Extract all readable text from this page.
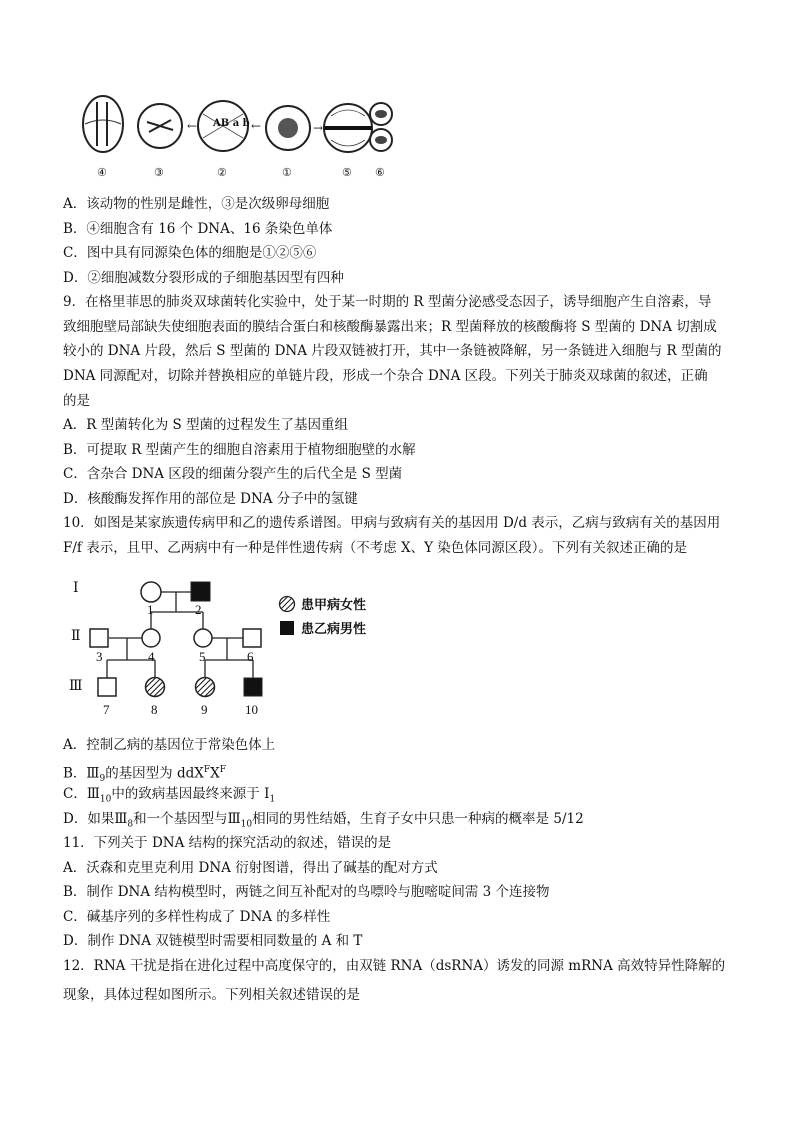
← AB a b ←	→
④	③	②	①	⑤ ⑥
A．该动物的性别是雌性，③是次级卵母细胞
B．④细胞含有 16 个 DNA、16 条染色单体
C．图中具有同源染色体的细胞是①②⑤⑥
D．②细胞减数分裂形成的子细胞基因型有四种
9．在格里菲思的肺炎双球菌转化实验中，处于某一时期的 R 型菌分泌感受态因子，诱导细胞产生自溶素，导
致细胞壁局部缺失使细胞表面的膜结合蛋白和核酸酶暴露出来；R 型菌释放的核酸酶将 S 型菌的 DNA 切割成
较小的 DNA 片段，然后 S 型菌的 DNA 片段双链被打开，其中一条链被降解，另一条链进入细胞与 R 型菌的
DNA 同源配对，切除并替换相应的单链片段，形成一个杂合 DNA 区段。下列关于肺炎双球菌的叙述，正确
的是
A．R 型菌转化为 S 型菌的过程发生了基因重组
B．可提取 R 型菌产生的细胞自溶素用于植物细胞壁的水解
C．含杂合 DNA 区段的细菌分裂产生的后代全是 S 型菌
D．核酸酶发挥作用的部位是 DNA 分子中的氢键
10．如图是某家族遗传病甲和乙的遗传系谱图。甲病与致病有关的基因用 D/d 表示，乙病与致病有关的基因用
F/f 表示，且甲、乙两病中有一种是伴性遗传病（不考虑 X、Y 染色体同源区段）。下列有关叙述正确的是
Ⅰ
Ⅱ
Ⅲ
1	2
3	4	5	6
7	8	9	10
患甲病女性
患乙病男性
A．控制乙病的基因位于常染色体上
B．$Ⅲ_9$的基因型为 $ddX^FX^F$
C．$Ⅲ_{10}$中的致病基因最终来源于 $Ⅰ_1$
D．如果$Ⅲ_8$和一个基因型与$Ⅲ_{10}$相同的男性结婚，生育子女中只患一种病的概率是 5/12
11．下列关于 DNA 结构的探究活动的叙述，错误的是
A．沃森和克里克利用 DNA 衍射图谱，得出了碱基的配对方式
B．制作 DNA 结构模型时，两链之间互补配对的鸟嘌呤与胞嘧啶间需 3 个连接物
C．碱基序列的多样性构成了 DNA 的多样性
D．制作 DNA 双链模型时需要相同数量的 A 和 T
12．RNA 干扰是指在进化过程中高度保守的，由双链 RNA（dsRNA）诱发的同源 mRNA 高效特异性降解的
现象，具体过程如图所示。下列相关叙述错误的是
